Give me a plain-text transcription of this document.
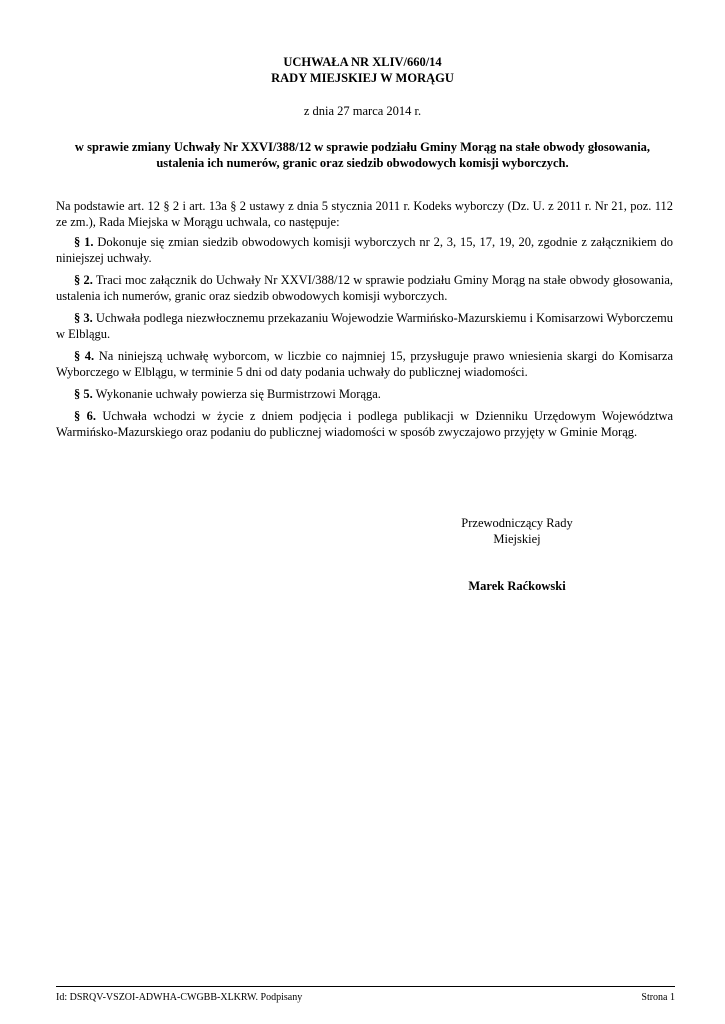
UCHWAŁA NR XLIV/660/14
RADY MIEJSKIEJ W MORĄGU
z dnia 27 marca 2014 r.
w sprawie zmiany Uchwały Nr XXVI/388/12 w sprawie podziału Gminy Morąg na stałe obwody głosowania,
ustalenia ich numerów, granic oraz siedzib obwodowych komisji wyborczych.

Na podstawie art. 12 § 2 i art. 13a § 2 ustawy z dnia 5 stycznia 2011 r. Kodeks wyborczy (Dz. U. z 2011 r. Nr 21, poz. 112 ze zm.), Rada Miejska w Morągu uchwala, co następuje:

§ 1. Dokonuje się zmian siedzib obwodowych komisji wyborczych nr 2, 3, 15, 17, 19, 20, zgodnie z załącznikiem do niniejszej uchwały.

§ 2. Traci moc załącznik do Uchwały Nr XXVI/388/12 w sprawie podziału Gminy Morąg na stałe obwody głosowania, ustalenia ich numerów, granic oraz siedzib obwodowych komisji wyborczych.

§ 3. Uchwała podlega niezwłocznemu przekazaniu Wojewodzie Warmińsko-Mazurskiemu i Komisarzowi Wyborczemu w Elblągu.

§ 4. Na niniejszą uchwałę wyborcom, w liczbie co najmniej 15, przysługuje prawo wniesienia skargi do Komisarza Wyborczego w Elblągu, w terminie 5 dni od daty podania uchwały do publicznej wiadomości.

§ 5. Wykonanie uchwały powierza się Burmistrzowi Morąga.

§ 6. Uchwała wchodzi w życie z dniem podjęcia i podlega publikacji w Dzienniku Urzędowym Województwa Warmińsko-Mazurskiego oraz podaniu do publicznej wiadomości w sposób zwyczajowo przyjęty w Gminie Morąg.

Przewodniczący Rady
Miejskiej
Marek Raćkowski
Id: DSRQV-VSZOI-ADWHA-CWGBB-XLKRW. Podpisany	Strona 1
